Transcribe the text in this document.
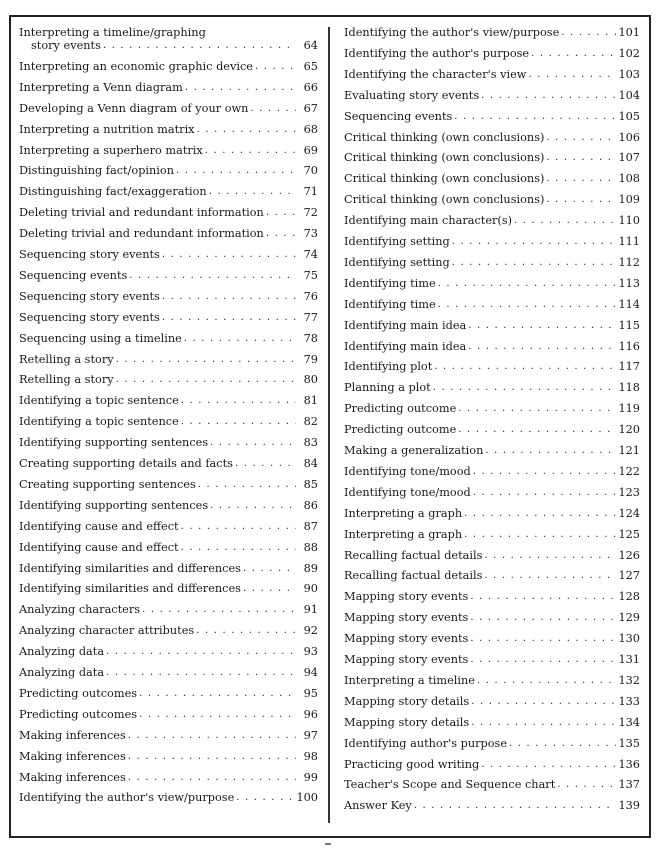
Interpreting a timeline/graphing
story events . . .	64
Interpreting an economic graphic device . . .	65
Interpreting a Venn diagram . . .	66
Developing a Venn diagram of your own . . .	67
Interpreting a nutrition matrix . . .	68
Interpreting a superhero matrix . . .	69
Distinguishing fact/opinion . . .	70
Distinguishing fact/exaggeration . . .	71
Deleting trivial and redundant information . . .	72
Deleting trivial and redundant information . . .	73
Sequencing story events . . .	74
Sequencing events . . .	75
Sequencing story events . . .	76
Sequencing story events . . .	77
Sequencing using a timeline . . .	78
Retelling a story . . .	79
Retelling a story . . .	80
Identifying a topic sentence . . .	81
Identifying a topic sentence . . .	82
Identifying supporting sentences . . .	83
Creating supporting details and facts . . .	84
Creating supporting sentences . . .	85
Identifying supporting sentences . . .	86
Identifying cause and effect . . .	87
Identifying cause and effect . . .	88
Identifying similarities and differences . . .	89
Identifying similarities and differences . . .	90
Analyzing characters . . .	91
Analyzing character attributes . . .	92
Analyzing data . . .	93
Analyzing data . . .	94
Predicting outcomes . . .	95
Predicting outcomes . . .	96
Making inferences . . .	97
Making inferences . . .	98
Making inferences . . .	99
Identifying the author's view/purpose . . .	100
Identifying the author's view/purpose . . .	101
Identifying the author's purpose . . .	102
Identifying the character's view . . .	103
Evaluating story events . . .	104
Sequencing events . . .	105
Critical thinking (own conclusions) . . .	106
Critical thinking (own conclusions) . . .	107
Critical thinking (own conclusions) . . .	108
Critical thinking (own conclusions) . . .	109
Identifying main character(s) . . .	110
Identifying setting . . .	111
Identifying setting . . .	112
Identifying time . . .	113
Identifying time . . .	114
Identifying main idea . . .	115
Identifying main idea . . .	116
Identifying plot . . .	117
Planning a plot . . .	118
Predicting outcome . . .	119
Predicting outcome . . .	120
Making a generalization . . .	121
Identifying tone/mood . . .	122
Identifying tone/mood . . .	123
Interpreting a graph . . .	124
Interpreting a graph . . .	125
Recalling factual details . . .	126
Recalling factual details . . .	127
Mapping story events . . .	128
Mapping story events . . .	129
Mapping story events . . .	130
Mapping story events . . .	131
Interpreting a timeline . . .	132
Mapping story details . . .	133
Mapping story details . . .	134
Identifying author's purpose . . .	135
Practicing good writing . . .	136
Teacher's Scope and Sequence chart . . .	137
Answer Key . . .	139
